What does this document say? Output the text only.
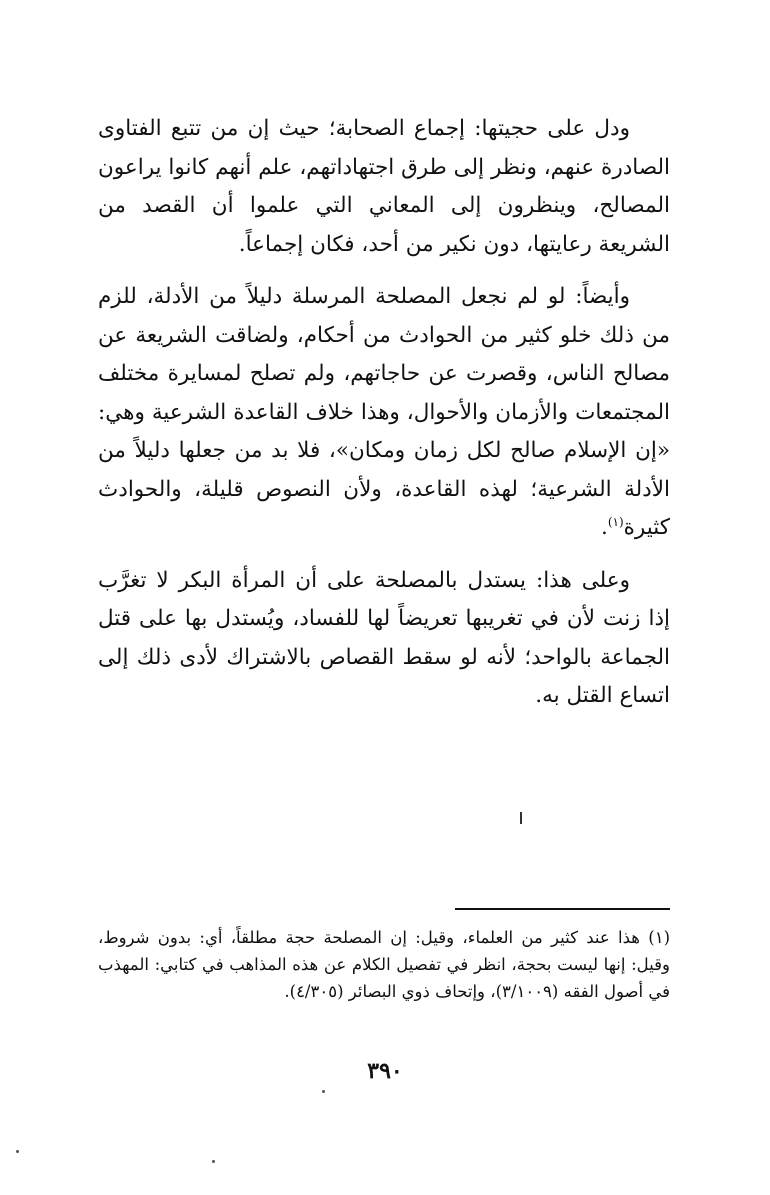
ودل على حجيتها: إجماع الصحابة؛ حيث إن من تتبع الفتاوى الصادرة عنهم، ونظر إلى طرق اجتهاداتهم، علم أنهم كانوا يراعون المصالح، وينظرون إلى المعاني التي علموا أن القصد من الشريعة رعايتها، دون نكير من أحد، فكان إجماعاً.

وأيضاً: لو لم نجعل المصلحة المرسلة دليلاً من الأدلة، للزم من ذلك خلو كثير من الحوادث من أحكام، ولضاقت الشريعة عن مصالح الناس، وقصرت عن حاجاتهم، ولم تصلح لمسايرة مختلف المجتمعات والأزمان والأحوال، وهذا خلاف القاعدة الشرعية وهي: «إن الإسلام صالح لكل زمان ومكان»، فلا بد من جعلها دليلاً من الأدلة الشرعية؛ لهذه القاعدة، ولأن النصوص قليلة، والحوادث كثيرة$^{(١)}$.

وعلى هذا: يستدل بالمصلحة على أن المرأة البكر لا تغرَّب إذا زنت لأن في تغريبها تعريضاً لها للفساد، ويُستدل بها على قتل الجماعة بالواحد؛ لأنه لو سقط القصاص بالاشتراك لأدى ذلك إلى اتساع القتل به.

(١) هذا عند كثير من العلماء، وقيل: إن المصلحة حجة مطلقاً، أي: بدون شروط، وقيل: إنها ليست بحجة، انظر في تفصيل الكلام عن هذه المذاهب في كتابي: المهذب في أصول الفقه (٣/١٠٠٩)، وإتحاف ذوي البصائر (٤/٣٠٥).

٣٩٠
